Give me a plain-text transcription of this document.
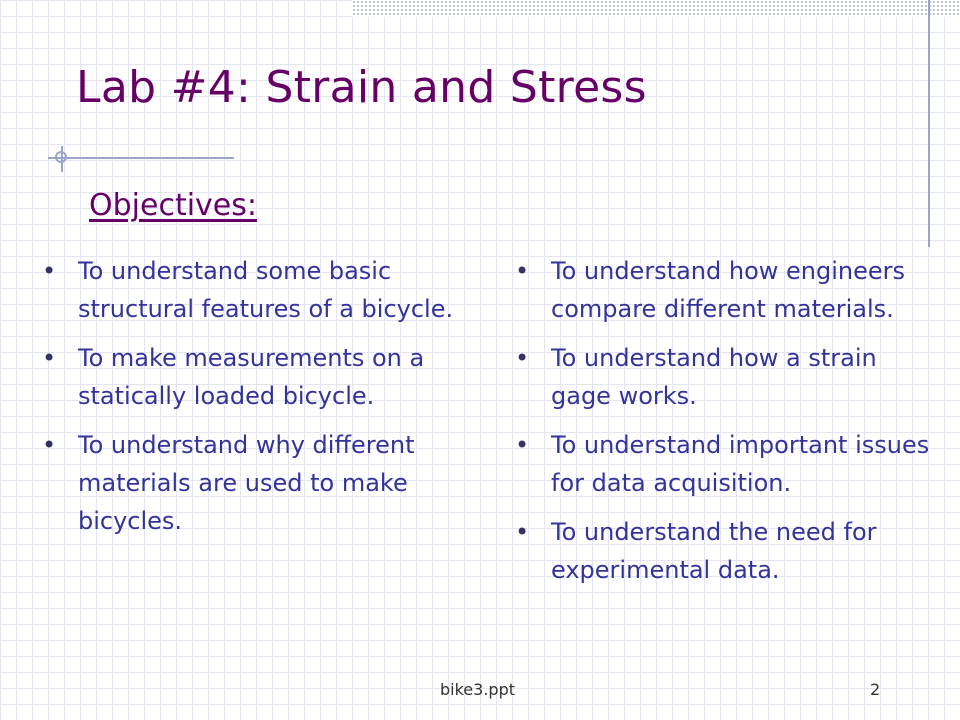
Lab #4: Strain and Stress
Objectives:
• To understand some basic structural features of a bicycle.
• To make measurements on a statically loaded bicycle.
• To understand why different materials are used to make bicycles.
• To understand how engineers compare different materials.
• To understand how a strain gage works.
• To understand important issues for data acquisition.
• To understand the need for experimental data.
bike3.ppt	2
